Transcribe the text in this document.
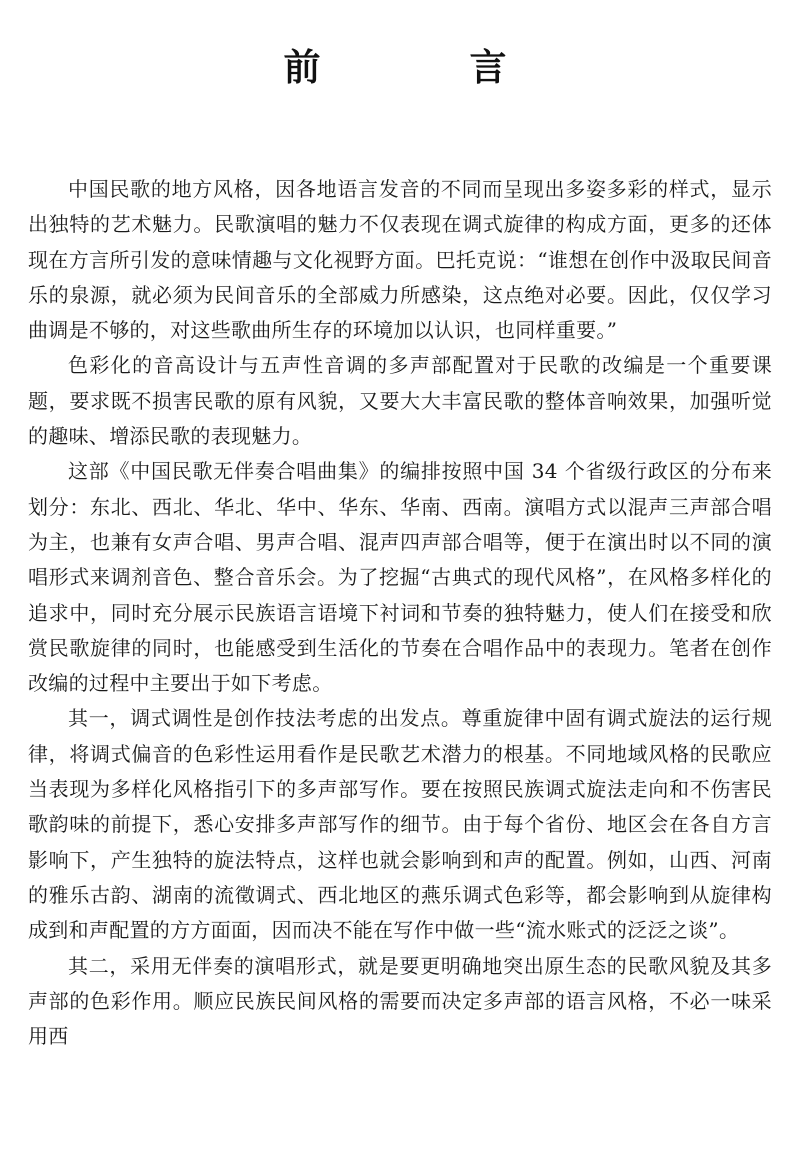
前　言

中国民歌的地方风格，因各地语言发音的不同而呈现出多姿多彩的样式，显示出独特的艺术魅力。民歌演唱的魅力不仅表现在调式旋律的构成方面，更多的还体现在方言所引发的意味情趣与文化视野方面。巴托克说：“谁想在创作中汲取民间音乐的泉源，就必须为民间音乐的全部威力所感染，这点绝对必要。因此，仅仅学习曲调是不够的，对这些歌曲所生存的环境加以认识，也同样重要。”

色彩化的音高设计与五声性音调的多声部配置对于民歌的改编是一个重要课题，要求既不损害民歌的原有风貌，又要大大丰富民歌的整体音响效果，加强听觉的趣味、增添民歌的表现魅力。

这部《中国民歌无伴奏合唱曲集》的编排按照中国 34 个省级行政区的分布来划分：东北、西北、华北、华中、华东、华南、西南。演唱方式以混声三声部合唱为主，也兼有女声合唱、男声合唱、混声四声部合唱等，便于在演出时以不同的演唱形式来调剂音色、整合音乐会。为了挖掘“古典式的现代风格”，在风格多样化的追求中，同时充分展示民族语言语境下衬词和节奏的独特魅力，使人们在接受和欣赏民歌旋律的同时，也能感受到生活化的节奏在合唱作品中的表现力。笔者在创作改编的过程中主要出于如下考虑。

其一，调式调性是创作技法考虑的出发点。尊重旋律中固有调式旋法的运行规律，将调式偏音的色彩性运用看作是民歌艺术潜力的根基。不同地域风格的民歌应当表现为多样化风格指引下的多声部写作。要在按照民族调式旋法走向和不伤害民歌韵味的前提下，悉心安排多声部写作的细节。由于每个省份、地区会在各自方言影响下，产生独特的旋法特点，这样也就会影响到和声的配置。例如，山西、河南的雅乐古韵、湖南的流徵调式、西北地区的燕乐调式色彩等，都会影响到从旋律构成到和声配置的方方面面，因而决不能在写作中做一些“流水账式的泛泛之谈”。

其二，采用无伴奏的演唱形式，就是要更明确地突出原生态的民歌风貌及其多声部的色彩作用。顺应民族民间风格的需要而决定多声部的语言风格，不必一味采用西
